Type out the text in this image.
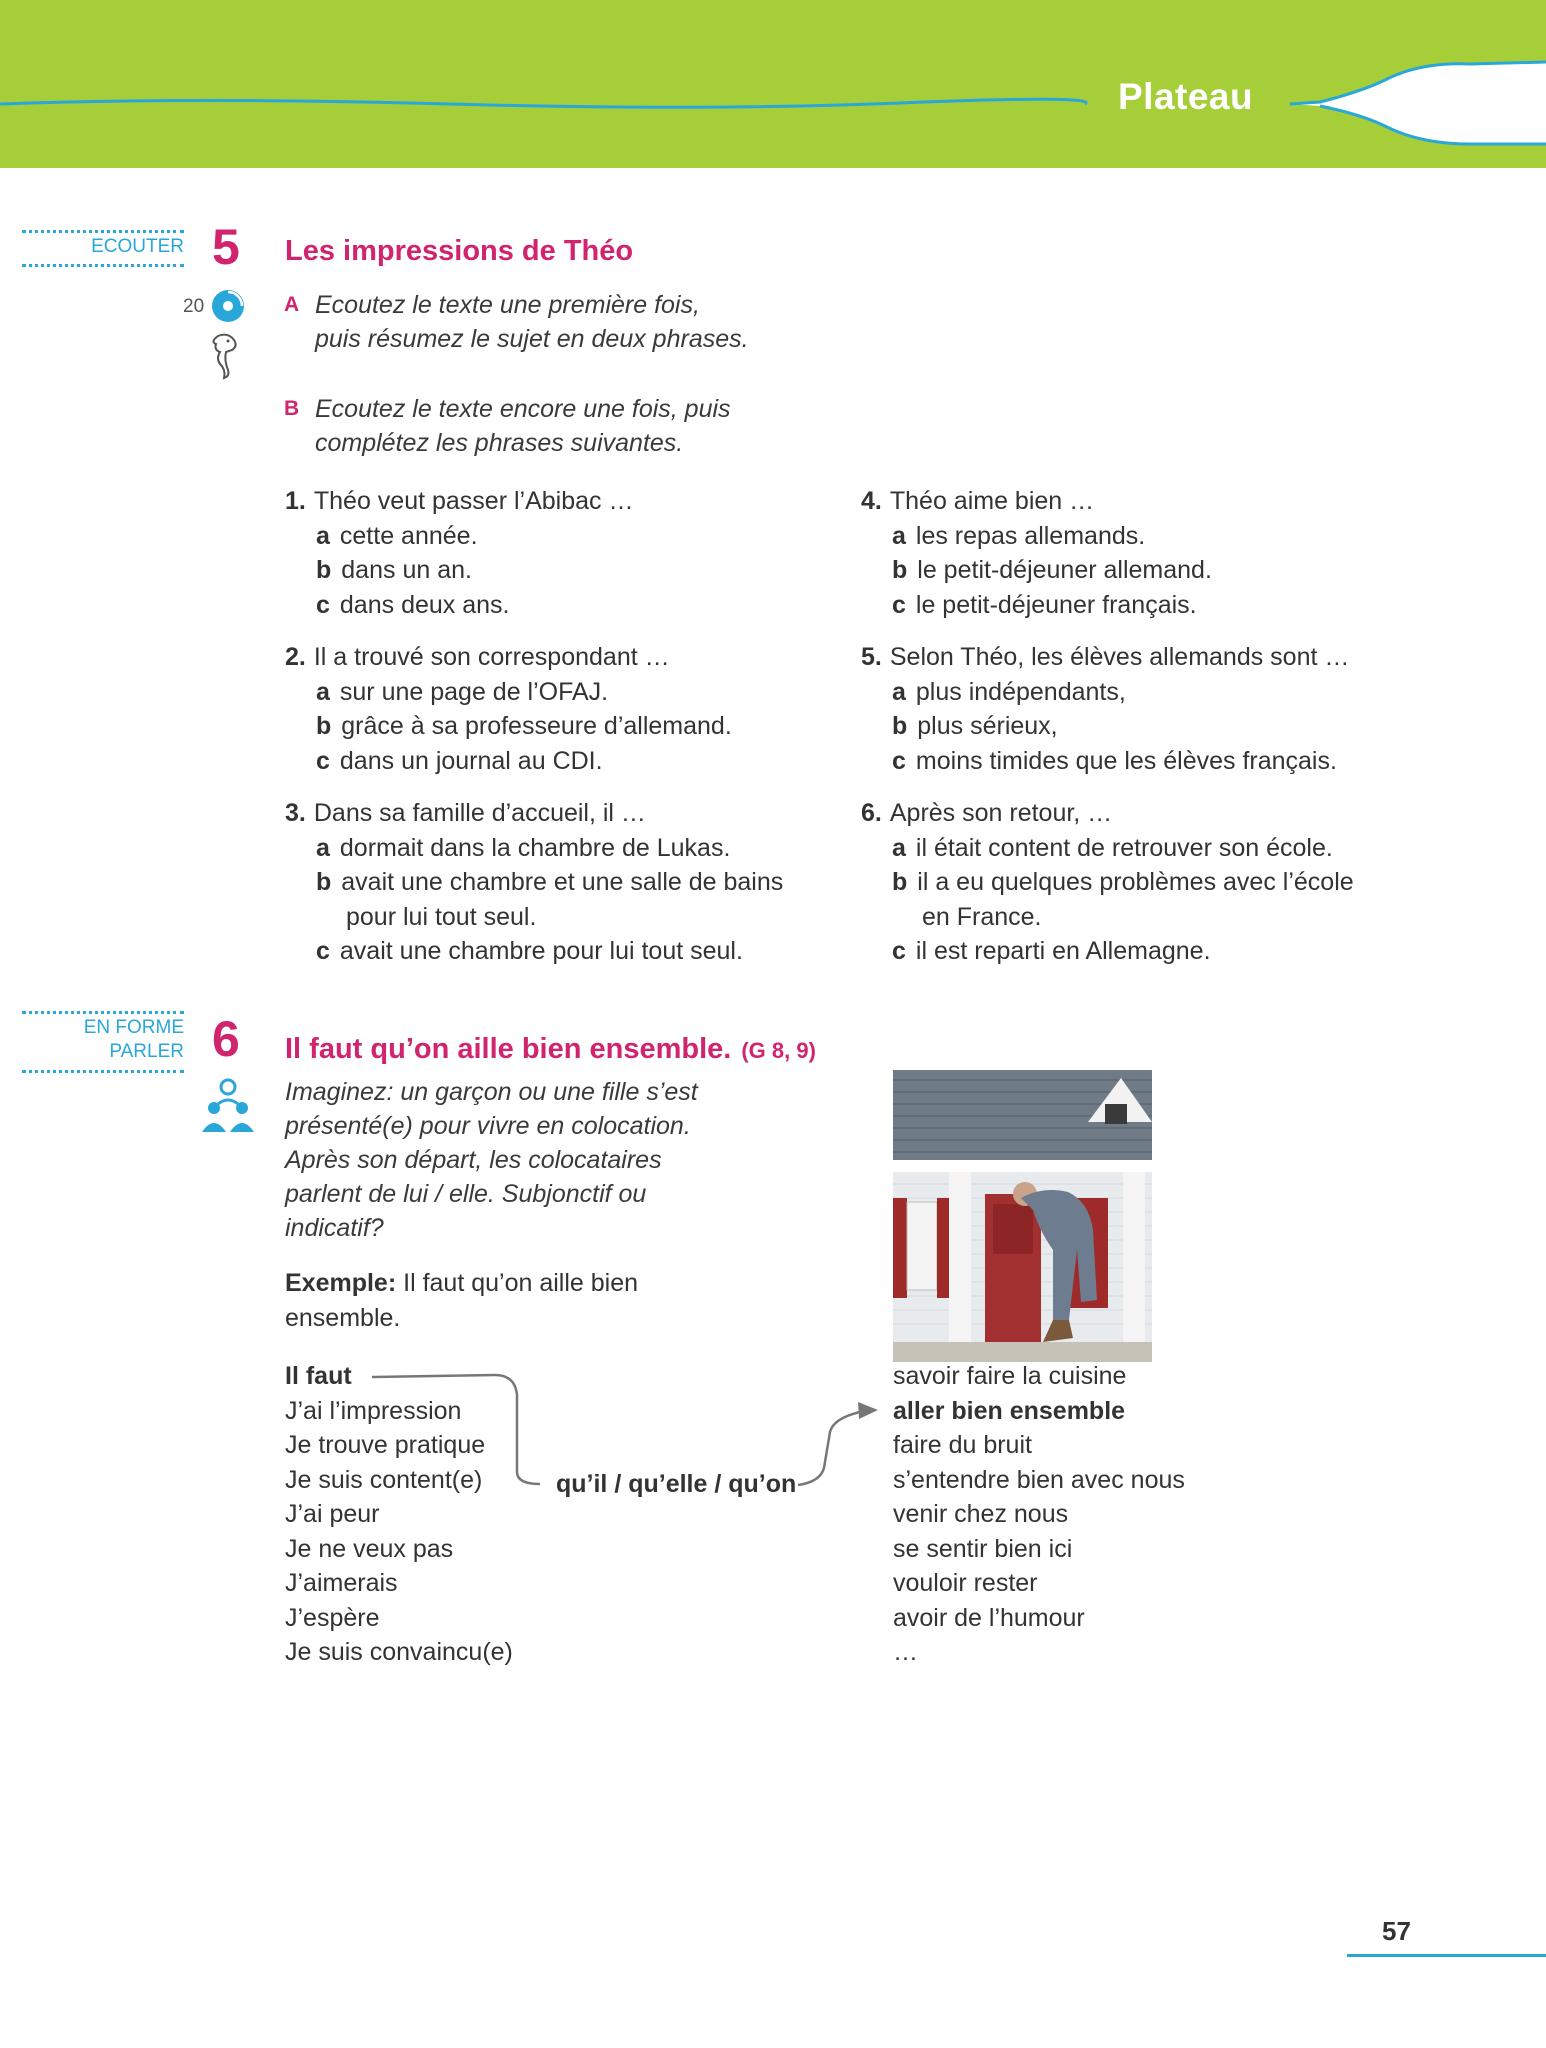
Plateau
ECOUTER 5 Les impressions de Théo
20	A Ecoutez le texte une première fois,
puis résumez le sujet en deux phrases.
B Ecoutez le texte encore une fois, puis
complétez les phrases suivantes.
1. Théo veut passer l’Abibac …
a cette année.
b dans un an.
c dans deux ans.
2. Il a trouvé son correspondant …
a sur une page de l’OFAJ.
b grâce à sa professeure d’allemand.
c dans un journal au CDI.
3. Dans sa famille d’accueil, il …
a dormait dans la chambre de Lukas.
b avait une chambre et une salle de bains
pour lui tout seul.
c avait une chambre pour lui tout seul.
4. Théo aime bien …
a les repas allemands.
b le petit-déjeuner allemand.
c le petit-déjeuner français.
5. Selon Théo, les élèves allemands sont …
a plus indépendants,
b plus sérieux,
c moins timides que les élèves français.
6. Après son retour, …
a il était content de retrouver son école.
b il a eu quelques problèmes avec l’école
en France.
c il est reparti en Allemagne.
EN FORME
PARLER 6 Il faut qu’on aille bien ensemble. (G 8, 9)
Imaginez: un garçon ou une fille s’est
présenté(e) pour vivre en colocation.
Après son départ, les colocataires
parlent de lui / elle. Subjonctif ou
indicatif?
Exemple: Il faut qu’on aille bien
ensemble.
Il faut
J’ai l’impression
Je trouve pratique
Je suis content(e)
J’ai peur
Je ne veux pas
J’aimerais
J’espère
Je suis convaincu(e)
qu’il / qu’elle / qu’on
savoir faire la cuisine
aller bien ensemble
faire du bruit
s’entendre bien avec nous
venir chez nous
se sentir bien ici
vouloir rester
avoir de l’humour
…
57
